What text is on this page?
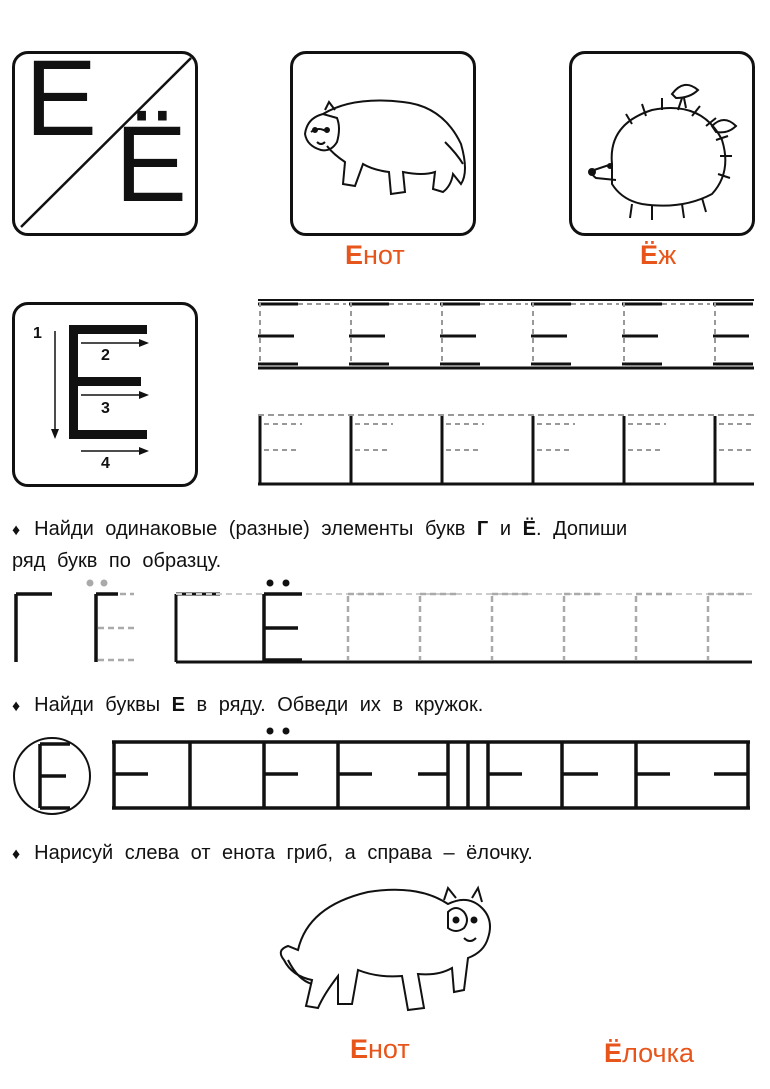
Е
Ё
Енот	Ёж
1
2
3
4
♦ Найди одинаковые (разные) элементы букв Г и Ё. Допиши
ряд букв по образцу.
♦ Найди буквы Е в ряду. Обведи их в кружок.
♦ Нарисуй слева от енота гриб, а справа – ёлочку.
Енот	Ёлочка
